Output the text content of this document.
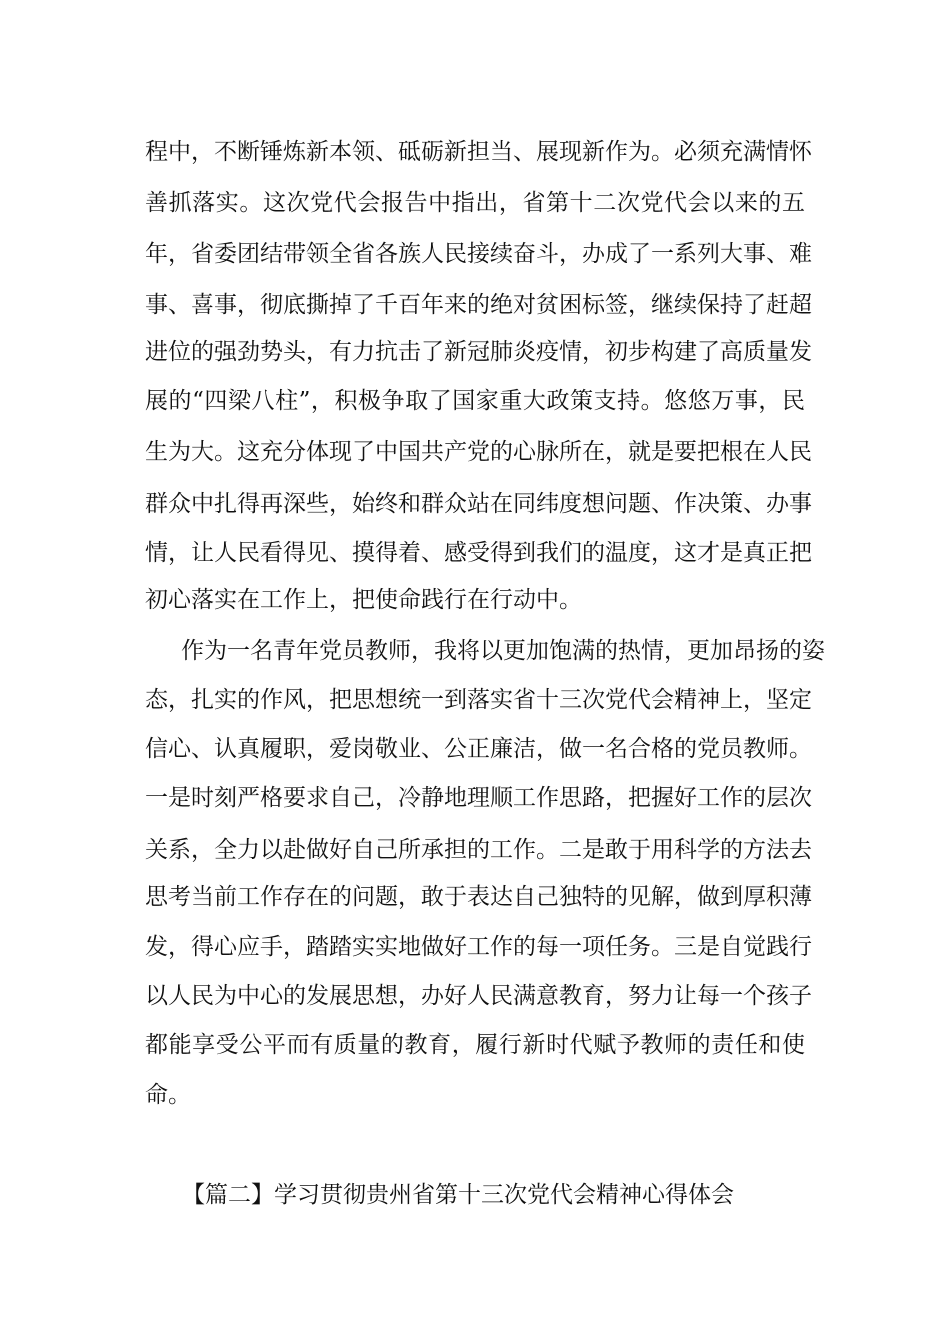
程中，不断锤炼新本领、砥砺新担当、展现新作为。必须充满情怀
善抓落实。这次党代会报告中指出，省第十二次党代会以来的五
年，省委团结带领全省各族人民接续奋斗，办成了一系列大事、难
事、喜事，彻底撕掉了千百年来的绝对贫困标签，继续保持了赶超
进位的强劲势头，有力抗击了新冠肺炎疫情，初步构建了高质量发
展的“四梁八柱”，积极争取了国家重大政策支持。悠悠万事，民
生为大。这充分体现了中国共产党的心脉所在，就是要把根在人民
群众中扎得再深些，始终和群众站在同纬度想问题、作决策、办事
情，让人民看得见、摸得着、感受得到我们的温度，这才是真正把
初心落实在工作上，把使命践行在行动中。
作为一名青年党员教师，我将以更加饱满的热情，更加昂扬的姿
态，扎实的作风，把思想统一到落实省十三次党代会精神上，坚定
信心、认真履职，爱岗敬业、公正廉洁，做一名合格的党员教师。
一是时刻严格要求自己，冷静地理顺工作思路，把握好工作的层次
关系，全力以赴做好自己所承担的工作。二是敢于用科学的方法去
思考当前工作存在的问题，敢于表达自己独特的见解，做到厚积薄
发，得心应手，踏踏实实地做好工作的每一项任务。三是自觉践行
以人民为中心的发展思想，办好人民满意教育，努力让每一个孩子
都能享受公平而有质量的教育，履行新时代赋予教师的责任和使
命。
【篇二】学习贯彻贵州省第十三次党代会精神心得体会
